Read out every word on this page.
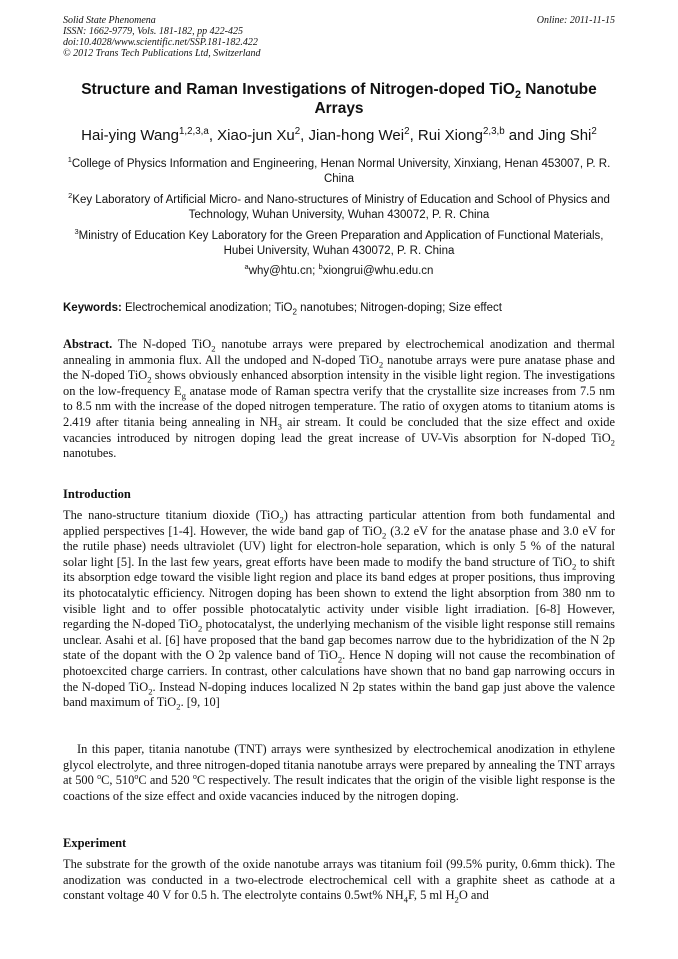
Solid State Phenomena
ISSN: 1662-9779, Vols. 181-182, pp 422-425
doi:10.4028/www.scientific.net/SSP.181-182.422
© 2012 Trans Tech Publications Ltd, Switzerland
Online: 2011-11-15
Structure and Raman Investigations of Nitrogen-doped TiO$_2$ Nanotube Arrays
Hai-ying Wang$^{1,2,3,a}$, Xiao-jun Xu$^2$, Jian-hong Wei$^2$, Rui Xiong$^{2,3,b}$ and Jing Shi$^2$
$^1$College of Physics Information and Engineering, Henan Normal University, Xinxiang, Henan 453007, P. R. China
$^2$Key Laboratory of Artificial Micro- and Nano-structures of Ministry of Education and School of Physics and Technology, Wuhan University, Wuhan 430072, P. R. China
$^3$Ministry of Education Key Laboratory for the Green Preparation and Application of Functional Materials, Hubei University, Wuhan 430072, P. R. China
$^a$why@htu.cn; $^b$xiongrui@whu.edu.cn
Keywords: Electrochemical anodization; TiO$_2$ nanotubes; Nitrogen-doping; Size effect
Abstract. The N-doped TiO$_2$ nanotube arrays were prepared by electrochemical anodization and thermal annealing in ammonia flux. All the undoped and N-doped TiO$_2$ nanotube arrays were pure anatase phase and the N-doped TiO$_2$ shows obviously enhanced absorption intensity in the visible light region. The investigations on the low-frequency $E_g$ anatase mode of Raman spectra verify that the crystallite size increases from 7.5 nm to 8.5 nm with the increase of the doped nitrogen temperature. The ratio of oxygen atoms to titanium atoms is 2.419 after titania being annealing in $NH_3$ air stream. It could be concluded that the size effect and oxide vacancies introduced by nitrogen doping lead the great increase of UV-Vis absorption for N-doped TiO$_2$ nanotubes.
Introduction
The nano-structure titanium dioxide (TiO$_2$) has attracting particular attention from both fundamental and applied perspectives [1-4]. However, the wide band gap of TiO$_2$ (3.2 eV for the anatase phase and 3.0 eV for the rutile phase) needs ultraviolet (UV) light for electron-hole separation, which is only 5 % of the natural solar light [5]. In the last few years, great efforts have been made to modify the band structure of TiO$_2$ to shift its absorption edge toward the visible light region and place its band edges at proper positions, thus improving its photocatalytic efficiency. Nitrogen doping has been shown to extend the light absorption from 380 nm to visible light and to offer possible photocatalytic activity under visible light irradiation. [6-8] However, regarding the N-doped TiO$_2$ photocatalyst, the underlying mechanism of the visible light response still remains unclear. Asahi et al. [6] have proposed that the band gap becomes narrow due to the hybridization of the N 2p state of the dopant with the O 2p valence band of TiO$_2$. Hence N doping will not cause the recombination of photoexcited charge carriers. In contrast, other calculations have shown that no band gap narrowing occurs in the N-doped TiO$_2$. Instead N-doping induces localized N 2p states within the band gap just above the valence band maximum of TiO$_2$. [9, 10]
In this paper, titania nanotube (TNT) arrays were synthesized by electrochemical anodization in ethylene glycol electrolyte, and three nitrogen-doped titania nanotube arrays were prepared by annealing the TNT arrays at 500 $^o$C, 510$^o$C and 520 $^o$C respectively. The result indicates that the origin of the visible light response is the coactions of the size effect and oxide vacancies induced by the nitrogen doping.
Experiment
The substrate for the growth of the oxide nanotube arrays was titanium foil (99.5% purity, 0.6mm thick). The anodization was conducted in a two-electrode electrochemical cell with a graphite sheet as cathode at a constant voltage 40 V for 0.5 h. The electrolyte contains 0.5wt% $NH_4F$, 5 ml $H_2O$ and
